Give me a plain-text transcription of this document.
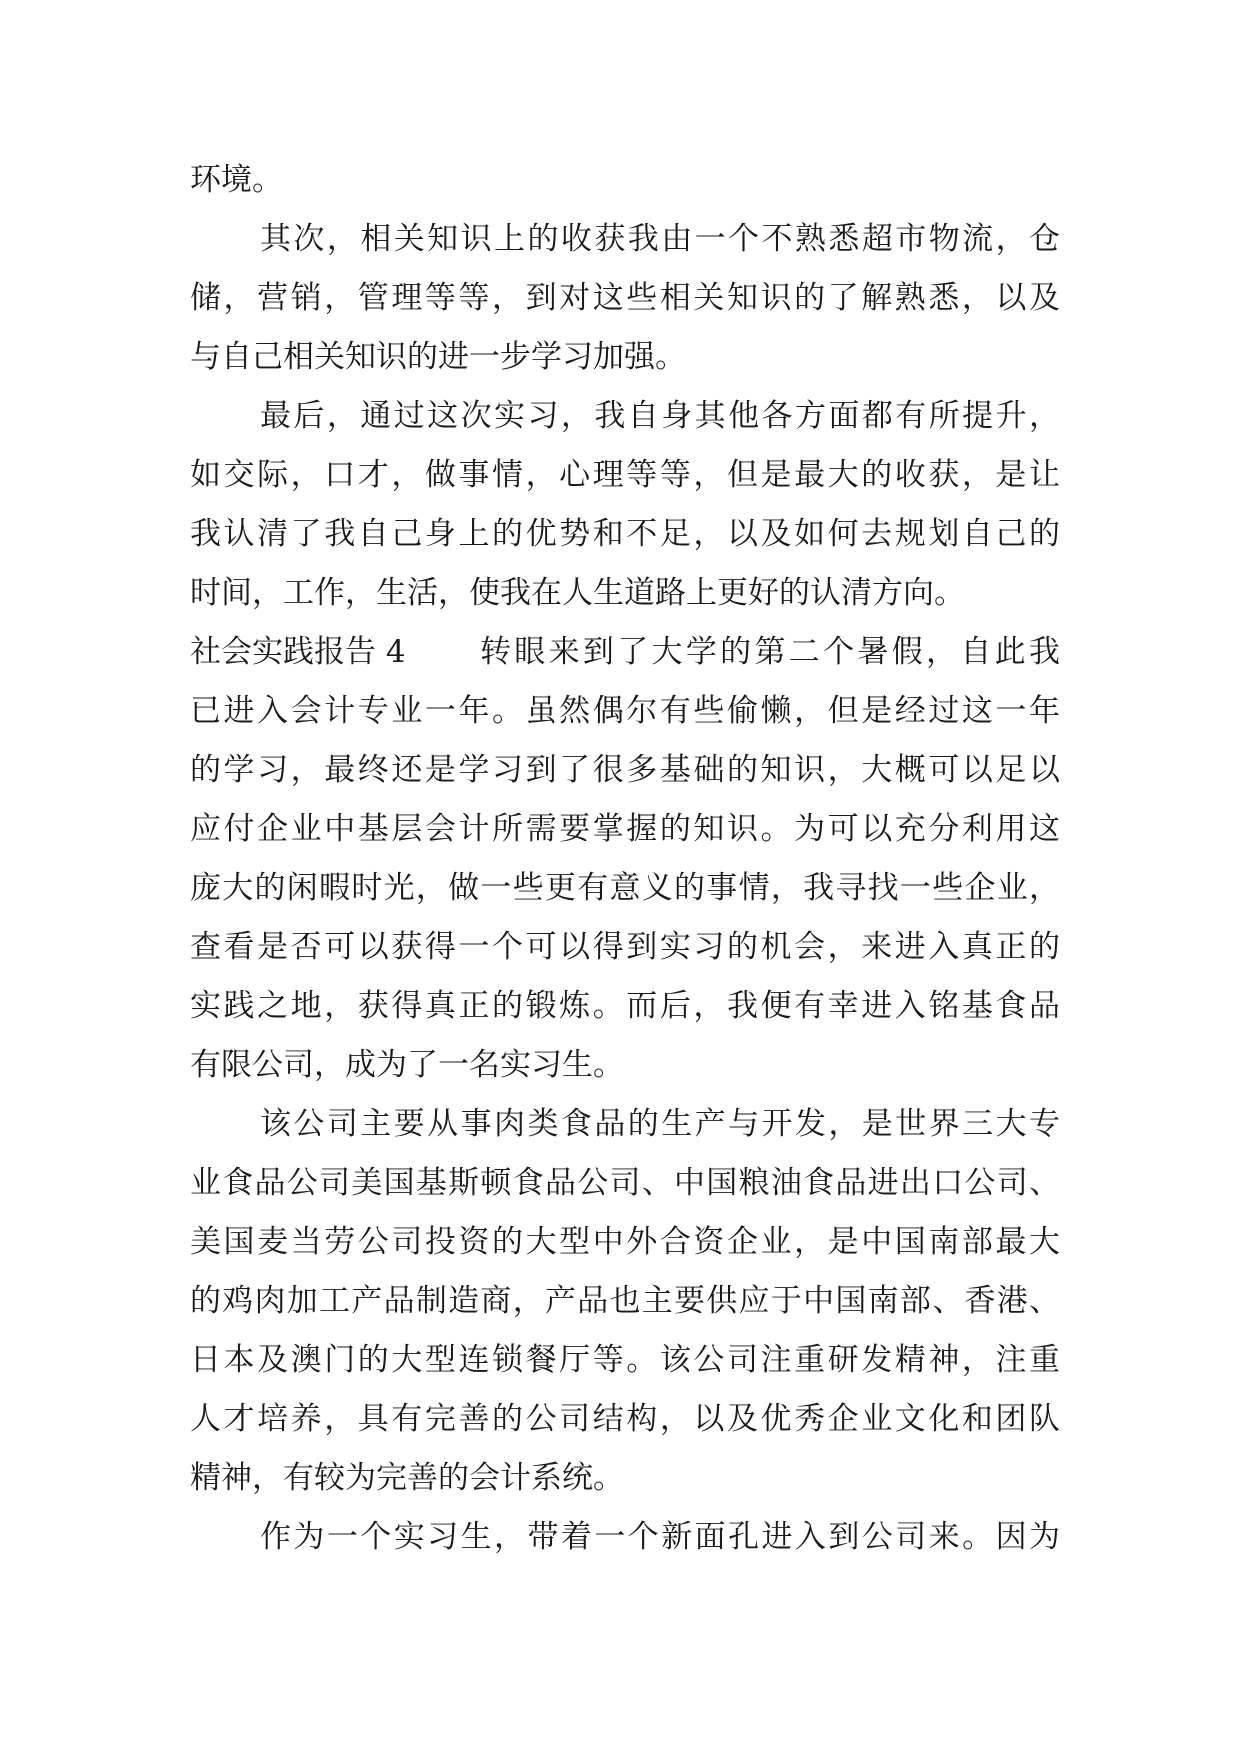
环境。
其次，相关知识上的收获我由一个不熟悉超市物流，仓
储，营销，管理等等，到对这些相关知识的了解熟悉，以及
与自己相关知识的进一步学习加强。
最后，通过这次实习，我自身其他各方面都有所提升，
如交际，口才，做事情，心理等等，但是最大的收获，是让
我认清了我自己身上的优势和不足，以及如何去规划自己的
时间，工作，生活，使我在人生道路上更好的认清方向。
社会实践报告 4 转眼来到了大学的第二个暑假，自此我
已进入会计专业一年。虽然偶尔有些偷懒，但是经过这一年
的学习，最终还是学习到了很多基础的知识，大概可以足以
应付企业中基层会计所需要掌握的知识。为可以充分利用这
庞大的闲暇时光，做一些更有意义的事情，我寻找一些企业，
查看是否可以获得一个可以得到实习的机会，来进入真正的
实践之地，获得真正的锻炼。而后，我便有幸进入铭基食品
有限公司，成为了一名实习生。
该公司主要从事肉类食品的生产与开发，是世界三大专
业食品公司美国基斯顿食品公司、中国粮油食品进出口公司、
美国麦当劳公司投资的大型中外合资企业，是中国南部最大
的鸡肉加工产品制造商，产品也主要供应于中国南部、香港、
日本及澳门的大型连锁餐厅等。该公司注重研发精神，注重
人才培养，具有完善的公司结构，以及优秀企业文化和团队
精神，有较为完善的会计系统。
作为一个实习生，带着一个新面孔进入到公司来。因为
